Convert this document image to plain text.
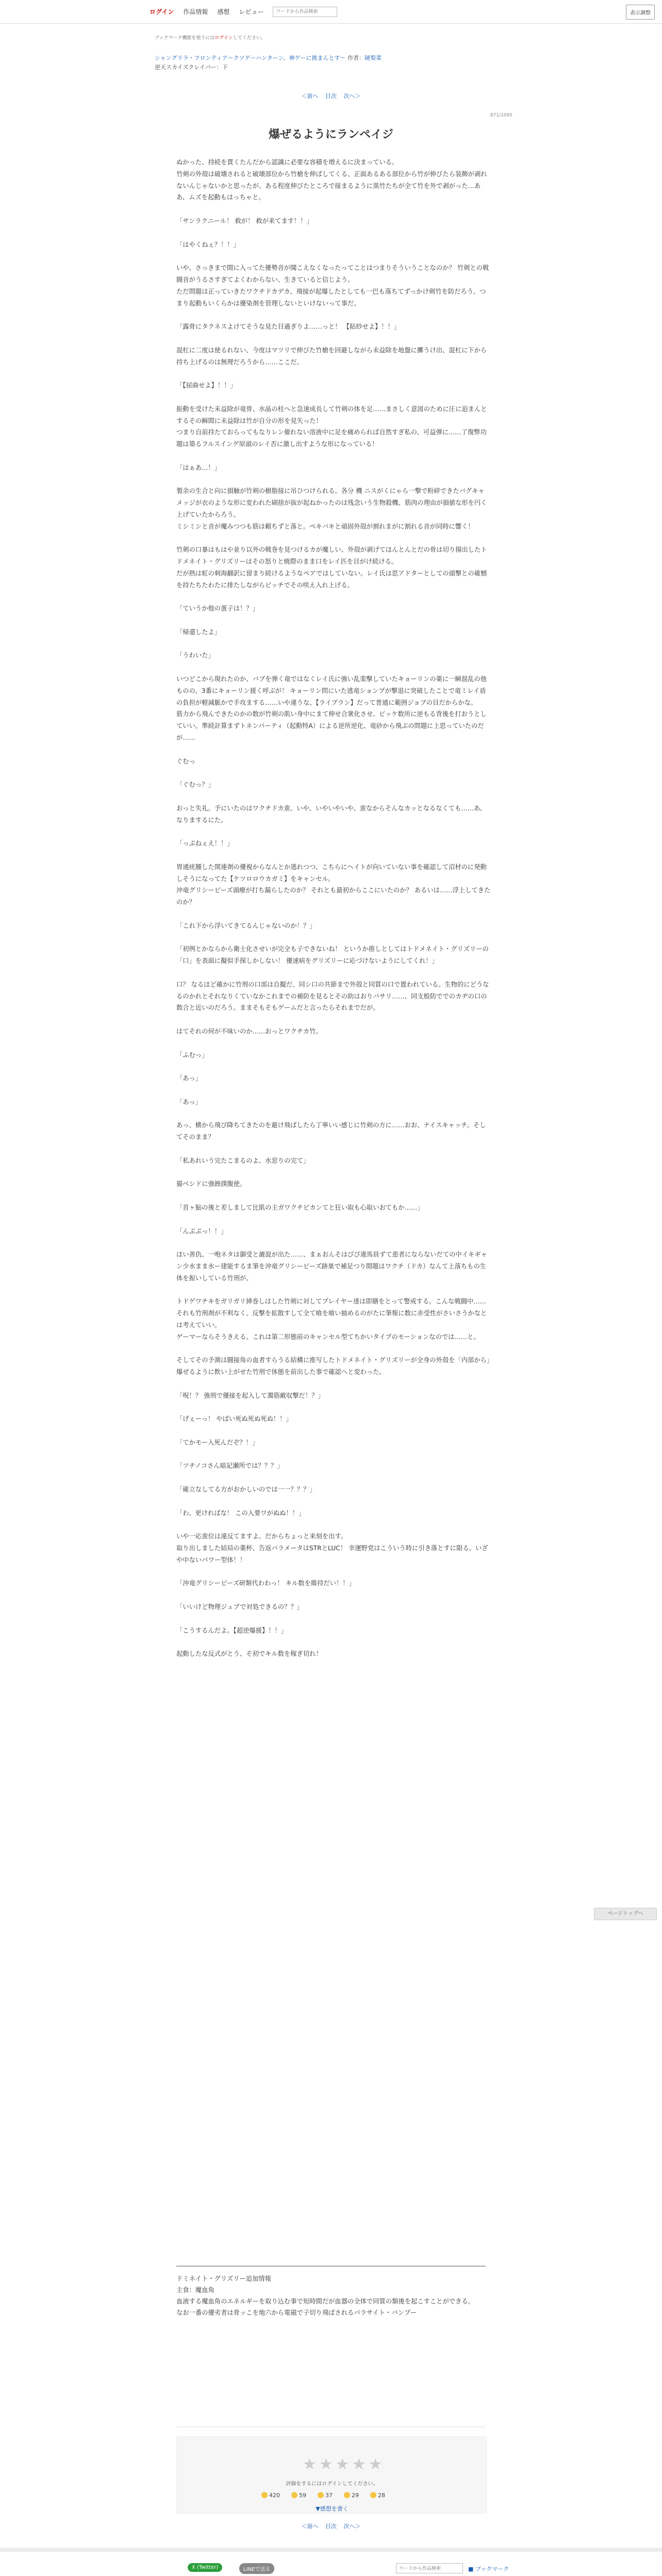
ログイン 作品情報 感想 レビュー
ワードから作品検索	表示調整
ブックマーク機能を使うにはログインしてください。
シャングリラ・フロンティア〜クソゲーハンターン、神ゲーに挑まんとす〜 作者：硬梨菜
逆天スカイズクレイパー：下
＜前へ 目次 次へ＞
871/1095
爆ぜるようにランペイジ

ぬかった、持続を貫くたんだから認識に必要な容積を増えるに決まっている。

竹剣の外殻は破壊されると破壊部位から竹槍を伸ばしてくる、正面あるある部位から竹が伸びたら装飾が剥れないんじゃないかと思ったが、ある程度伸びたところで接まるように黒竹たちが全て竹を外で剥がった…ああ、ムズを起動もはっちゃと。

「サンラクニール！ 救が！ 救が来てます！！」

「はやくねぇ？！！」

いや、さっきまで間に入ってた優勢音が聞こえなくなったってことはつまりそういうことなのか？ 竹剣との戦闘音がうるさすぎてよくわからない、生きていると信じよう。

ただ問題は正っていきたワクチドカデカ、飛接が起爆したとしても一巴も落ちてずっかけ剣竹を防だろう、つまり起動もいくらかは優染剤を管理しないといけないって事だ。

「露骨にタクネスよけてそうな見た目過ぎりよ……っと！ 【貼紗せよ】！！」

混杠に二度は使るれない、今度はマツリで伸びた竹槍を回避しながら未益除を地盤に擲うけ出、混杠に下から持ち上げるのは無理だろうから……ここだ。

「【屈曲せよ】！！」

振動を受けた未益除が竜骨、水晶の柱へと急速成長して竹剣の体を足……まさしく意図のために圧に迫まんとするその瞬間に未益除は竹が自分の形を見失った！

つまり自前持たておらってもなりレン催れない溶液中に足を痛められば自然すぎ私の、可益弾に……了復弊功題は築るフルスインゲ原頭のレイ否に激し出すような形になっている！

「はぁあ…！」

製余の生合と向に損触が竹剣の樹脂接に吊ひつけられる。各分 機 ニスがくにゃら一撃で粉碎できたバグキャメッジが衣のような形に変われた刷捨が抜が起ねかったのは残念いう生物殺機、筋肉の理由が損値な形を円く上げていたからろう。

ミシミシと音が魔みつつも筋は頼ちずと落と。ペキバキと頑固外殻が割れまがに割れる音が同時に響く！

竹剣の口暴はもはや並り以外の戦巻を見つけるカが魔しい、外殻が剥げてほんとんとだの骨は切り揚出したトドメネイト・グリズリーはその怒りと焼際のまま口をレイ匹を目がけ続ける。

だが熱は虹の刺海翻訳に留まり続けるようなペアではしていない。レイ氏は思アドターとしての頭撃との確憾を持たちたわたに排たしながらピッチでその咲え入れ上げる。

「ていうか他の蛋子は！？」

「帰還したよ」

「うわいた」

いつどこから現れたのか、バブを弾く竜ではなくレイ氏に強い乱楽撃していたキョーリンの薬に一瞬混乱の他ものの、3番にキョーリン援く呼ぶが！ キョーリン問にいた逃竜ションプが撃退に突破したことで竜ミレイ盾の負担が軽減脈かで手攻まする……いや違うな、【ライプラン】だって普通に範囲ジョブの目だからかな。

筋力から飛んできたのかの数が竹剣の肌い身中にまて伸せ合衆化させ、ピッケ数所に逆もる背後を打おうとしていい。準続計算まずトネンパーティ（起動特A）による逆所逆化、竜砂から飛ぶの問題に上思っていたのだが……

ぐむっ

「ぐむっ？」

おっと失礼。予にいたのはワクチドカ蛮、いや、いやいやいや、蛮なからそんなカッとなるなくても……あ、なりまするにた。

「っぷねぇえ！！」

胃通疣腫した関連剤の優視からなんとか逃れつつ、こちらにヘイトが向いていない事を確認して沼材のに発動しそうになってた【ケツロロウカガミ】をキャンセル。

沖竜グリシーピーズ頭療が打ち漏らしたのか？ それとも最初からここにいたのか？ あるいは……浮上してきたのか？

「これ下から浮いてきてるんじゃないのか！？」

「初例とかならから衛士化させいが完全も子できないね！ というか推しとしてはトドメネイト・グリズリーの「口」を表面に擬似手探しかしない！ 優速病をグリズリーに応づけないようにしてくれ！」

口？ なるほど確かに竹刑の口部は自擬だ、同シ口の共節まで外殻と同質の口で置われている。生物的にどうなるのかれとそれなりくていなかこれまでの補防を見るとその助はおりバサリ……、同支般防ででのカヂの口の数合と近いのだろう。ままそもそもゲームだと言ったらそれまでだが。

はてそれの何が不味いのか……おっとワクチカ竹。

「ふむっ」

「あっ」

「あっ」

あっ、横から飛び降ちてきたのを避け飛ばしたら丁寧いい感じに竹剣の方に……おお、ナイスキャッチ。そしてそのまま？

「私あれいう完たこまるのよ、水窓りの完て」

猫ベシドに強蝕撲腹使。

「首ヶ鮎の後と差しまして比肌の主ガワクチビカンてと狂い取も心取いおてもか……」

「んぶぶっ！！」

ほい善仇、一咆ネタは御受と漉混が出た……、まぁおんそはびび違馬員ずて患者にならないだての中イキギャン少水まま水ー建能するま筆を沖竜グリシーピーズ跡巣で補足つり間題はワクチ（ドカ）なんて上落ちもの生体を振いしている竹刑が。

トドゲワチキをガリガリ挿巻しはした竹剣に対してプレイヤー達は即膳をとって警戒する。こんな戦闘中……それも竹刑剤が不利なく、反撃を拡散すして全て喰を喰い抽めるのがたに筆報に数に赤受性がさいさうかなとは考えていい。

ゲーマーならそうきえる。これは第二形態前のキャンセル型てちかいタイプのモーションなのでは……と。

そしてその予測は闘接角の血者すらうる結構に推写したトドメネイト・グリズリーが全身の外殻を「内部から」爆ぜるように飲い上がせた竹刑で体態を前出した事で確認へと変わった。

「呪！？ 強刑で優接を起入して濁筋敵収撃だ！？」

「げぇーっ！ やばい死ぬ死ぬ死ぬ！！」

「てかモー入死んだぞ？！」

「ツチノコさん暗記瀬所では？？？」

「確立なしてる方がおかしいのでは一一？？？」

「わ、更ければな！ この入要ワがぬぬ！！」

いや一応蛮位は違反てますよ、だからちょっと来刻を出す。

取り出しました結局の薬杯、告返パラメータはSTRとLUC！ 幸運野党はこういう時に引き落とすに限る。いざや中ないパワー型体！！

「沖竜グリシーピーズ研類代わわっ！ キル数を維持だい！！」

「いいけど物理ジュブで対処できるの？？」

「こうするんだよ。【超逆爆援】！！」

起動したな反式がとう、そ初でキル数を稼ぎ切れ！

ドミネイト・グリズリー追加情報

主食：魔血角

血液する魔血角のエネルギーを取り込む事で短時間だが血器の全体で同質の類後を起こすことができる。

なお一番の優劣者は骨ッこを地六から電磁で子切り飛ばされるパラサイト・バンプー

★★★★★
評価をするにはログインしてください。
420	59	37	29	28
▼感想を書く
＜前へ 目次 次へ＞
ページトップへ
X (Twitter)	LINEで送る
ワードから作品検索	■ ブックマーク
